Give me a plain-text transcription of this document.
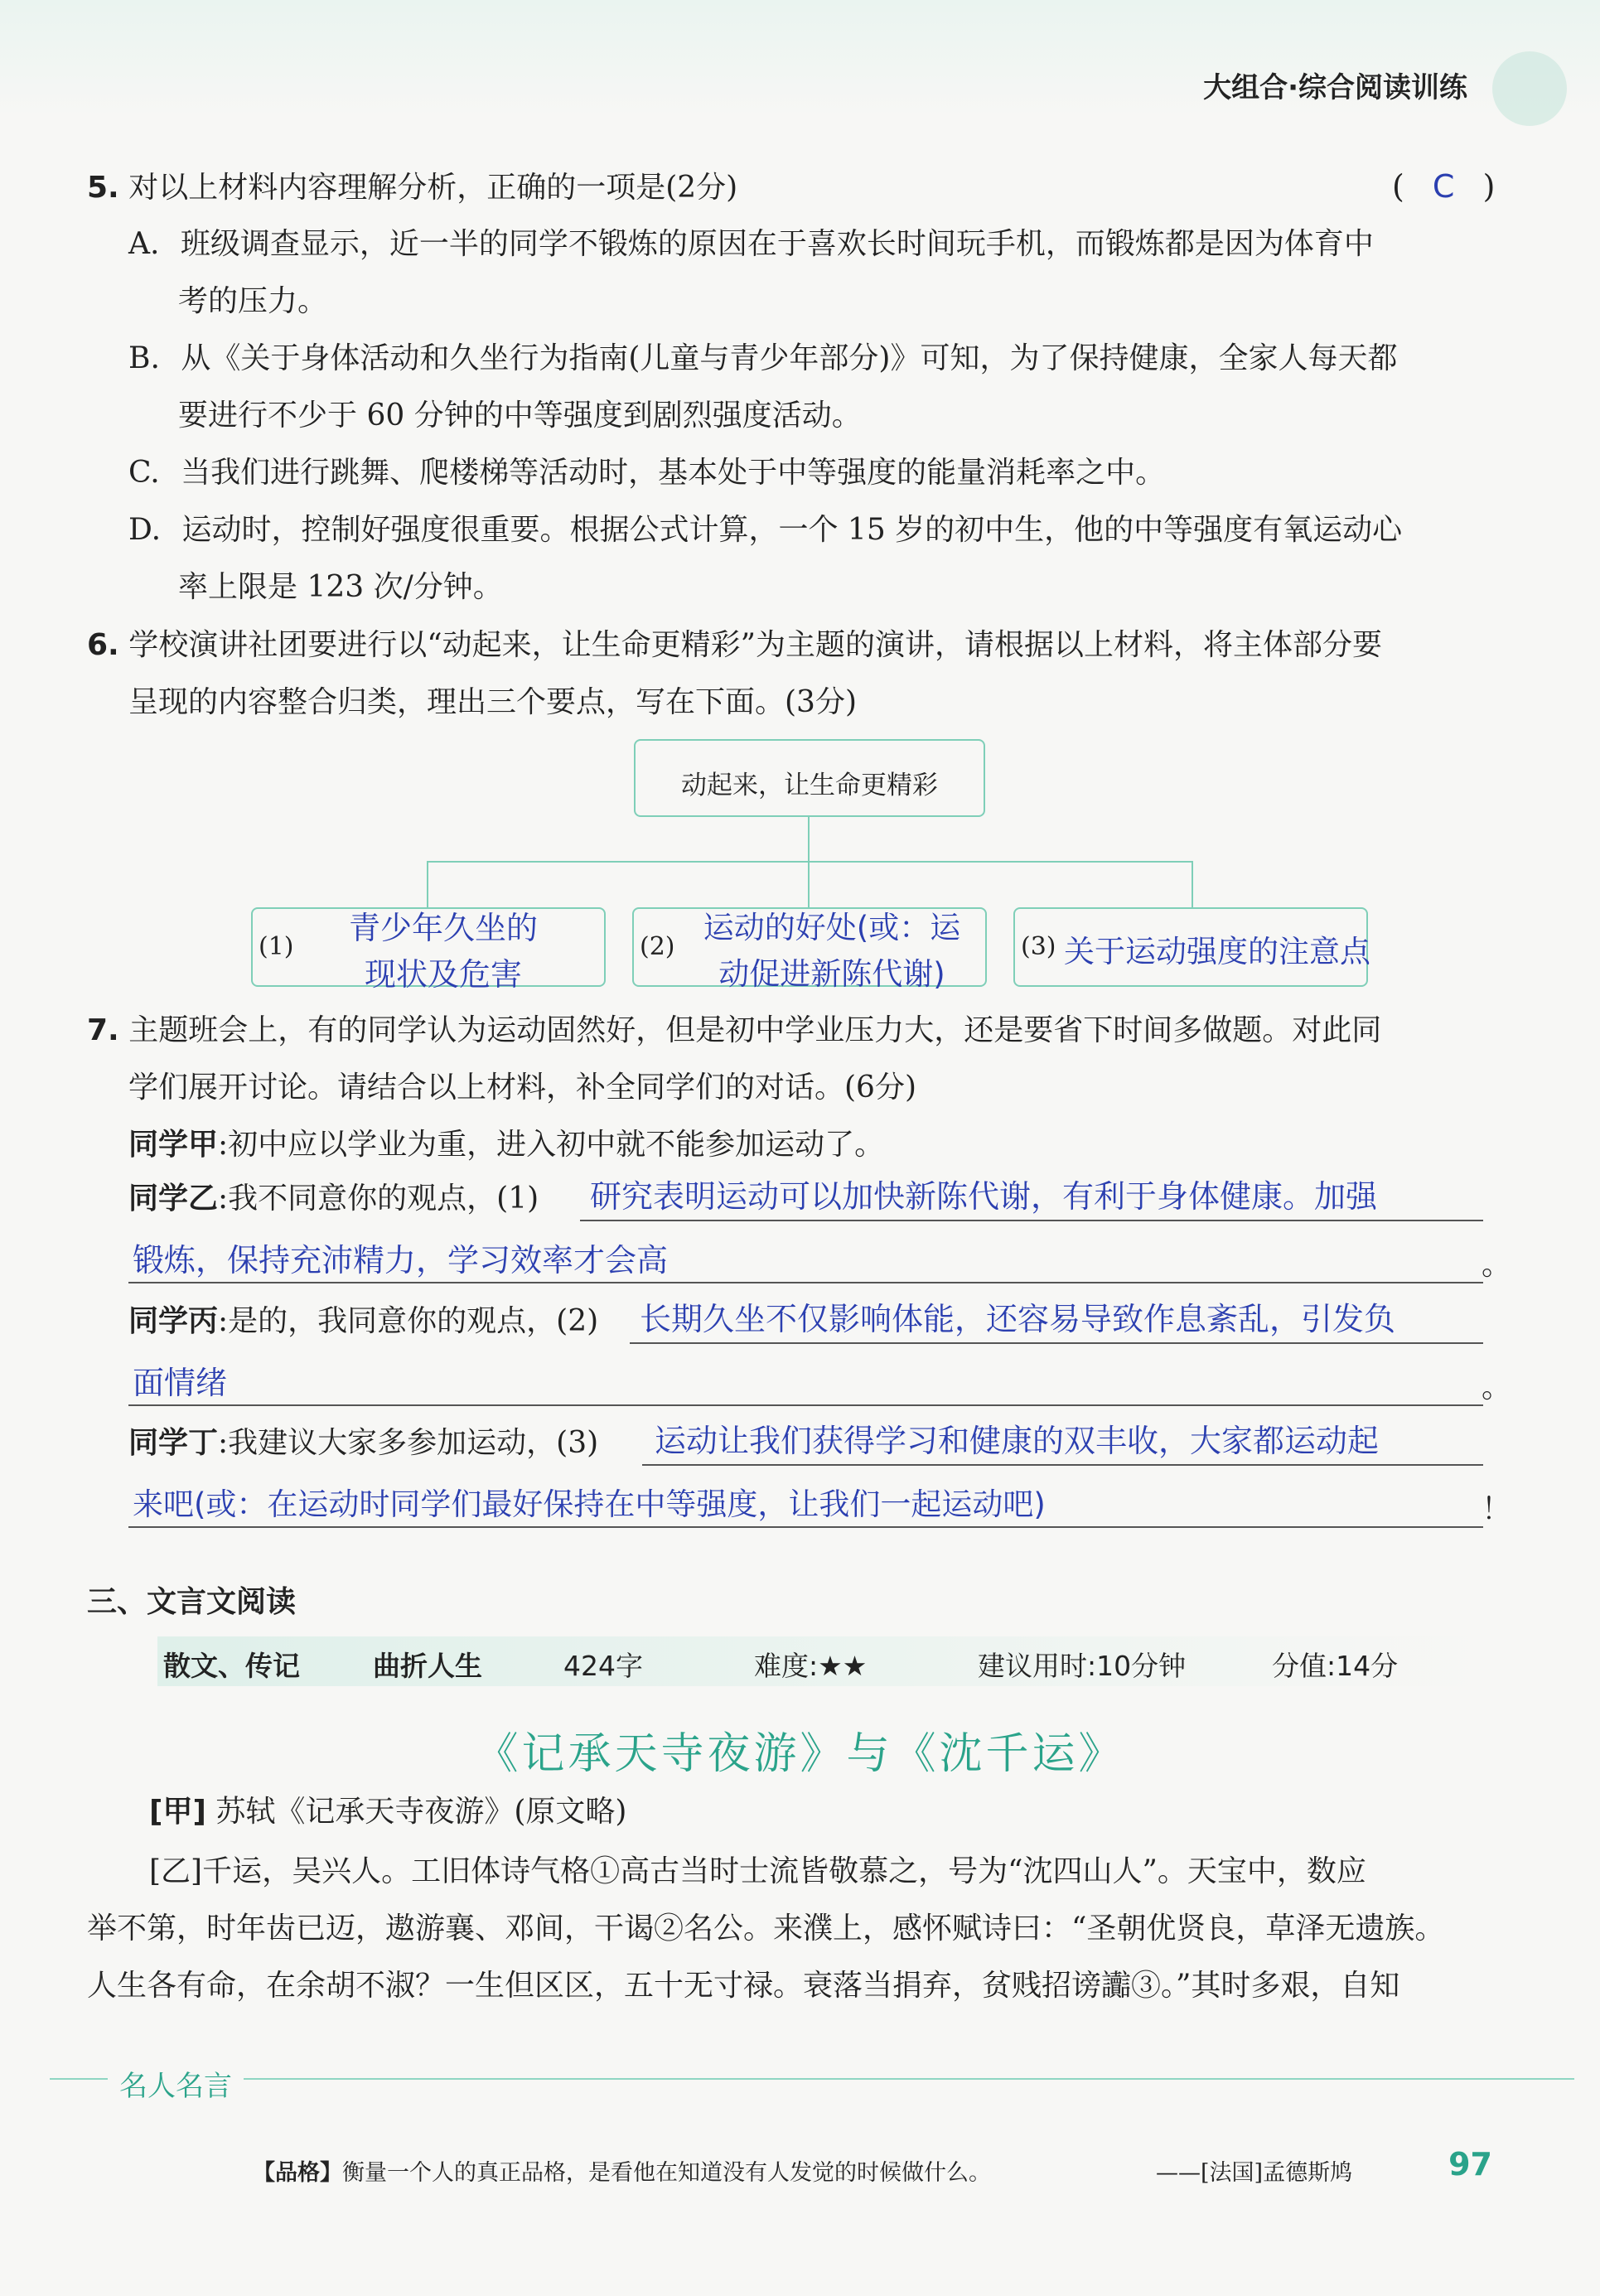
大组合·综合阅读训练
5. 对以上材料内容理解分析，正确的一项是(2分)	( C )
A. 班级调查显示，近一半的同学不锻炼的原因在于喜欢长时间玩手机，而锻炼都是因为体育中
考的压力。
B. 从《关于身体活动和久坐行为指南(儿童与青少年部分)》可知，为了保持健康，全家人每天都
要进行不少于 60 分钟的中等强度到剧烈强度活动。
C. 当我们进行跳舞、爬楼梯等活动时，基本处于中等强度的能量消耗率之中。
D. 运动时，控制好强度很重要。根据公式计算，一个 15 岁的初中生，他的中等强度有氧运动心
率上限是 123 次/分钟。
6. 学校演讲社团要进行以“动起来，让生命更精彩”为主题的演讲，请根据以上材料，将主体部分要
呈现的内容整合归类，理出三个要点，写在下面。(3分)
动起来，让生命更精彩
(1)
青少年久坐的
现状及危害
(2)
运动的好处(或：运
动促进新陈代谢)
(3) 关于运动强度的注意点
7. 主题班会上，有的同学认为运动固然好，但是初中学业压力大，还是要省下时间多做题。对此同
学们展开讨论。请结合以上材料，补全同学们的对话。(6分)
同学甲:初中应以学业为重，进入初中就不能参加运动了。
同学乙:我不同意你的观点，(1) 研究表明运动可以加快新陈代谢，有利于身体健康。加强
锻炼，保持充沛精力，学习效率才会高	。
同学丙:是的，我同意你的观点，(2) 长期久坐不仅影响体能，还容易导致作息紊乱，引发负
面情绪	。
同学丁:我建议大家多参加运动，(3) 运动让我们获得学习和健康的双丰收，大家都运动起
来吧(或：在运动时同学们最好保持在中等强度，让我们一起运动吧)	！
三、文言文阅读
散文、传记	曲折人生	424字	难度:★★	建议用时:10分钟	分值:14分
《记承天寺夜游》与《沈千运》
[甲] 苏轼《记承天寺夜游》(原文略)
[乙]千运，吴兴人。工旧体诗气格①高古当时士流皆敬慕之，号为“沈四山人”。天宝中，数应
举不第，时年齿已迈，遨游襄、邓间，干谒②名公。来濮上，感怀赋诗曰：“圣朝优贤良，草泽无遗族。
人生各有命，在余胡不淑？一生但区区，五十无寸禄。衰落当捐弃，贫贱招谤讟③。”其时多艰，自知
名人名言
【品格】衡量一个人的真正品格，是看他在知道没有人发觉的时候做什么。	——[法国]孟德斯鸠	97
